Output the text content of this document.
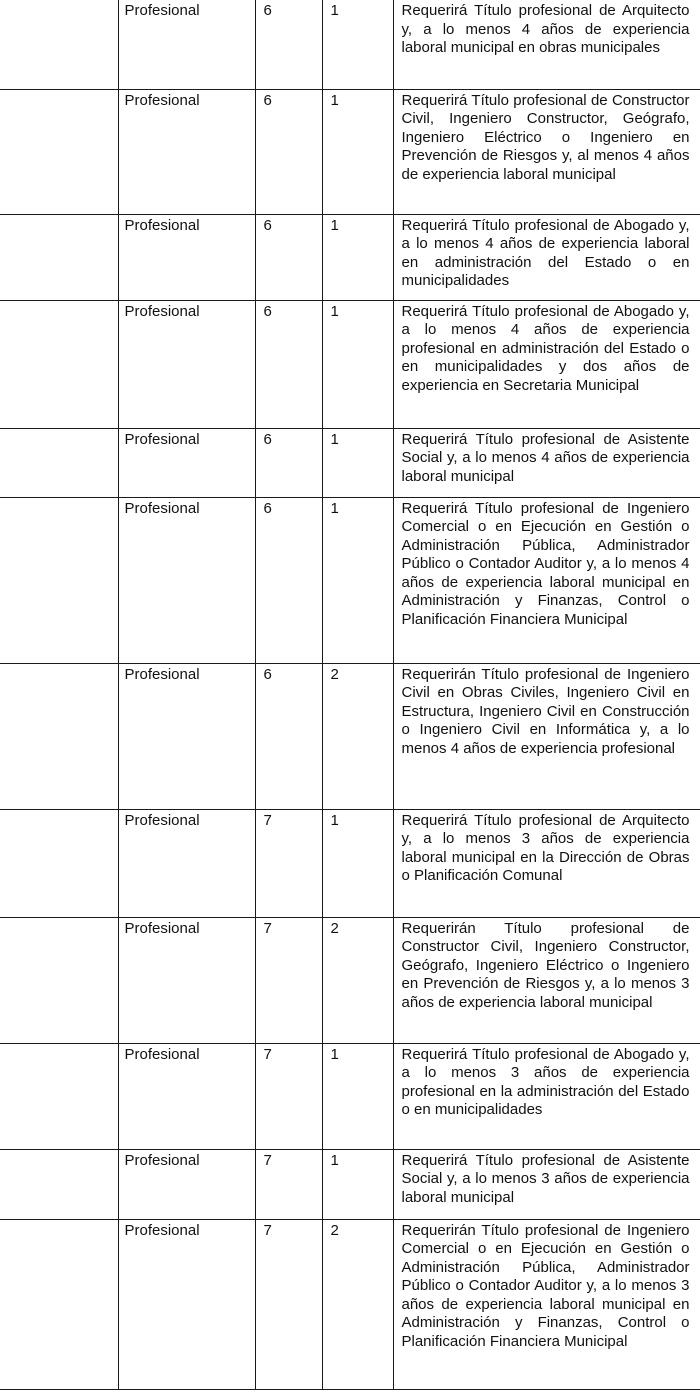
	Profesional	6	1	Requerirá Título profesional de Arquitecto y, a lo menos 4 años de experiencia laboral municipal en obras municipales
	Profesional	6	1	Requerirá Título profesional de Constructor Civil, Ingeniero Constructor, Geógrafo, Ingeniero Eléctrico o Ingeniero en Prevención de Riesgos y, al menos 4 años de experiencia laboral municipal
	Profesional	6	1	Requerirá Título profesional de Abogado y, a lo menos 4 años de experiencia laboral en administración del Estado o en municipalidades
	Profesional	6	1	Requerirá Título profesional de Abogado y, a lo menos 4 años de experiencia profesional en administración del Estado o en municipalidades y dos años de experiencia en Secretaria Municipal
	Profesional	6	1	Requerirá Título profesional de Asistente Social y, a lo menos 4 años de experiencia laboral municipal
	Profesional	6	1	Requerirá Título profesional de Ingeniero Comercial o en Ejecución en Gestión o Administración Pública, Administrador Público o Contador Auditor y, a lo menos 4 años de experiencia laboral municipal en Administración y Finanzas, Control o Planificación Financiera Municipal
	Profesional	6	2	Requerirán Título profesional de Ingeniero Civil en Obras Civiles, Ingeniero Civil en Estructura, Ingeniero Civil en Construcción o Ingeniero Civil en Informática y, a lo menos 4 años de experiencia profesional
	Profesional	7	1	Requerirá Título profesional de Arquitecto y, a lo menos 3 años de experiencia laboral municipal en la Dirección de Obras o Planificación Comunal
	Profesional	7	2	Requerirán Título profesional de Constructor Civil, Ingeniero Constructor, Geógrafo, Ingeniero Eléctrico o Ingeniero en Prevención de Riesgos y, a lo menos 3 años de experiencia laboral municipal
	Profesional	7	1	Requerirá Título profesional de Abogado y, a lo menos 3 años de experiencia profesional en la administración del Estado o en municipalidades
	Profesional	7	1	Requerirá Título profesional de Asistente Social y, a lo menos 3 años de experiencia laboral municipal
	Profesional	7	2	Requerirán Título profesional de Ingeniero Comercial o en Ejecución en Gestión o Administración Pública, Administrador Público o Contador Auditor y, a lo menos 3 años de experiencia laboral municipal en Administración y Finanzas, Control o Planificación Financiera Municipal
